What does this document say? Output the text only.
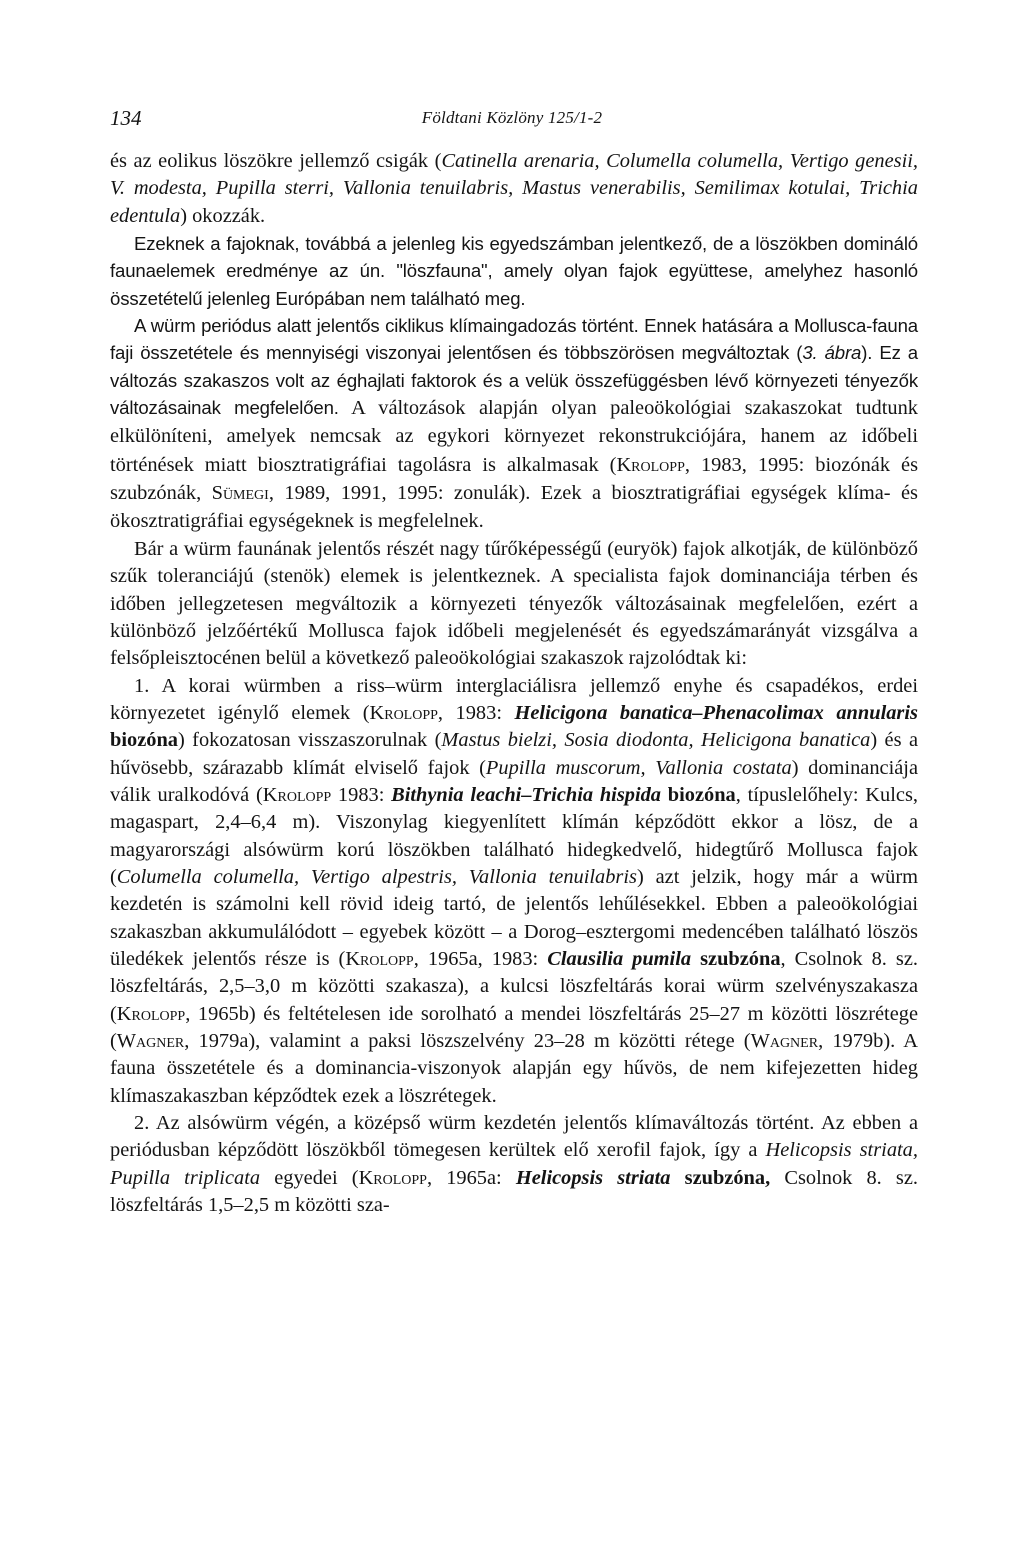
134	Földtani Közlöny 125/1-2

és az eolikus löszökre jellemző csigák (Catinella arenaria, Columella columella, Vertigo genesii, V. modesta, Pupilla sterri, Vallonia tenuilabris, Mastus venerabilis, Semilimax kotulai, Trichia edentula) okozzák.

Ezeknek a fajoknak, továbbá a jelenleg kis egyedszámban jelentkező, de a löszökben domináló faunaelemek eredménye az ún. "löszfauna", amely olyan fajok együttese, amelyhez hasonló összetételű jelenleg Európában nem található meg.

A würm periódus alatt jelentős ciklikus klímaingadozás történt. Ennek hatására a Mollusca-fauna faji összetétele és mennyiségi viszonyai jelentősen és többszörösen megváltoztak (3. ábra). Ez a változás szakaszos volt az éghajlati faktorok és a velük összefüggésben lévő környezeti tényezők változásainak megfelelően. A változások alapján olyan paleoökológiai szakaszokat tudtunk elkülöníteni, amelyek nemcsak az egykori környezet rekonstrukciójára, hanem az időbeli történések miatt biosztratigráfiai tagolásra is alkalmasak (Krolopp, 1983, 1995: biozónák és szubzónák, Sümegi, 1989, 1991, 1995: zonulák). Ezek a biosztratigráfiai egységek klíma- és ökosztratigráfiai egységeknek is megfelelnek.

Bár a würm faunának jelentős részét nagy tűrőképességű (euryök) fajok alkotják, de különböző szűk toleranciájú (stenök) elemek is jelentkeznek. A specialista fajok dominanciája térben és időben jellegzetesen megváltozik a környezeti tényezők változásainak megfelelően, ezért a különböző jelzőértékű Mollusca fajok időbeli megjelenését és egyedszámarányát vizsgálva a felsőpleisztocénen belül a következő paleoökológiai szakaszok rajzolódtak ki:

1. A korai würmben a riss–würm interglaciálisra jellemző enyhe és csapadékos, erdei környezetet igénylő elemek (Krolopp, 1983: Helicigona banatica–Phenacolimax annularis biozóna) fokozatosan visszaszorulnak (Mastus bielzi, Sosia diodonta, Helicigona banatica) és a hűvösebb, szárazabb klímát elviselő fajok (Pupilla muscorum, Vallonia costata) dominanciája válik uralkodóvá (Krolopp 1983: Bithynia leachi–Trichia hispida biozóna, típuslelőhely: Kulcs, magaspart, 2,4–6,4 m). Viszonylag kiegyenlített klímán képződött ekkor a lösz, de a magyarországi alsówürm korú löszökben található hidegkedvelő, hidegtűrő Mollusca fajok (Columella columella, Vertigo alpestris, Vallonia tenuilabris) azt jelzik, hogy már a würm kezdetén is számolni kell rövid ideig tartó, de jelentős lehűlésekkel. Ebben a paleoökológiai szakaszban akkumulálódott – egyebek között – a Dorog–esztergomi medencében található löszös üledékek jelentős része is (Krolopp, 1965a, 1983: Clausilia pumila szubzóna, Csolnok 8. sz. löszfeltárás, 2,5–3,0 m közötti szakasza), a kulcsi löszfeltárás korai würm szelvényszakasza (Krolopp, 1965b) és feltételesen ide sorolható a mendei löszfeltárás 25–27 m közötti löszrétege (Wagner, 1979a), valamint a paksi löszszelvény 23–28 m közötti rétege (Wagner, 1979b). A fauna összetétele és a dominancia-viszonyok alapján egy hűvös, de nem kifejezetten hideg klímaszakaszban képződtek ezek a löszrétegek.

2. Az alsówürm végén, a középső würm kezdetén jelentős klímaváltozás történt. Az ebben a periódusban képződött löszökből tömegesen kerültek elő xerofil fajok, így a Helicopsis striata, Pupilla triplicata egyedei (Krolopp, 1965a: Helicopsis striata szubzóna, Csolnok 8. sz. löszfeltárás 1,5–2,5 m közötti sza-
